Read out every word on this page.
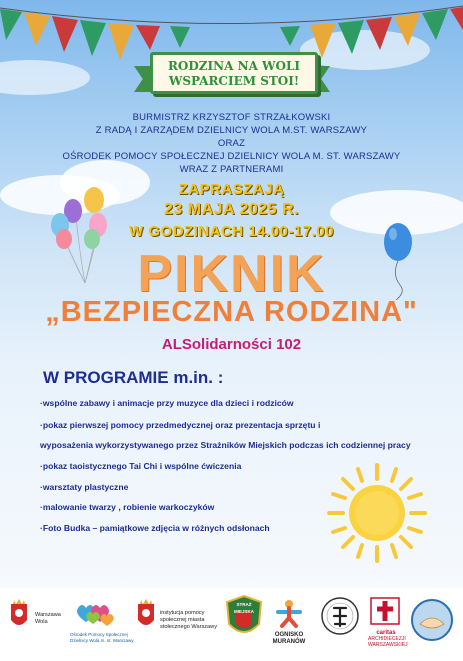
RODZINA NA WOLI
WSPARCIEM STOI!
BURMISTRZ KRZYSZTOF STRZAŁKOWSKI
Z RADĄ I ZARZĄDEM DZIELNICY WOLA M.ST. WARSZAWY
ORAZ
OŚRODEK POMOCY SPOŁECZNEJ DZIELNICY WOLA M. ST. WARSZAWY
WRAZ Z PARTNERAMI
ZAPRASZAJĄ
23 MAJA 2025 R.
W GODZINACH 14.00-17.00
PIKNIK
„BEZPIECZNA RODZINA"
ALSolidarności 102
W PROGRAMIE m.in. :
·wspólne zabawy i animacje przy muzyce dla dzieci i rodziców
·pokaz pierwszej pomocy przedmedycznej oraz prezentacja sprzętu i
wyposażenia wykorzystywanego przez Strażników Miejskich podczas ich codziennej pracy
·pokaz taoistycznego Tai Chi i wspólne ćwiczenia
·warsztaty plastyczne
·malowanie twarzy , robienie warkoczyków
·Foto Budka – pamiątkowe zdjęcia w różnych odsłonach
Warszawa
Wola
Ośrodek Pomocy Społecznej
Dzielnicy Wola m. st. Warszawy
instytucja pomocy
społecznej miasta
stołecznego Warszawy
STRAŻ MIEJSKA
OGNISKO
MURANÓW
caritas
ARCHIDIECEZJI
WARSZAWSKIEJ
